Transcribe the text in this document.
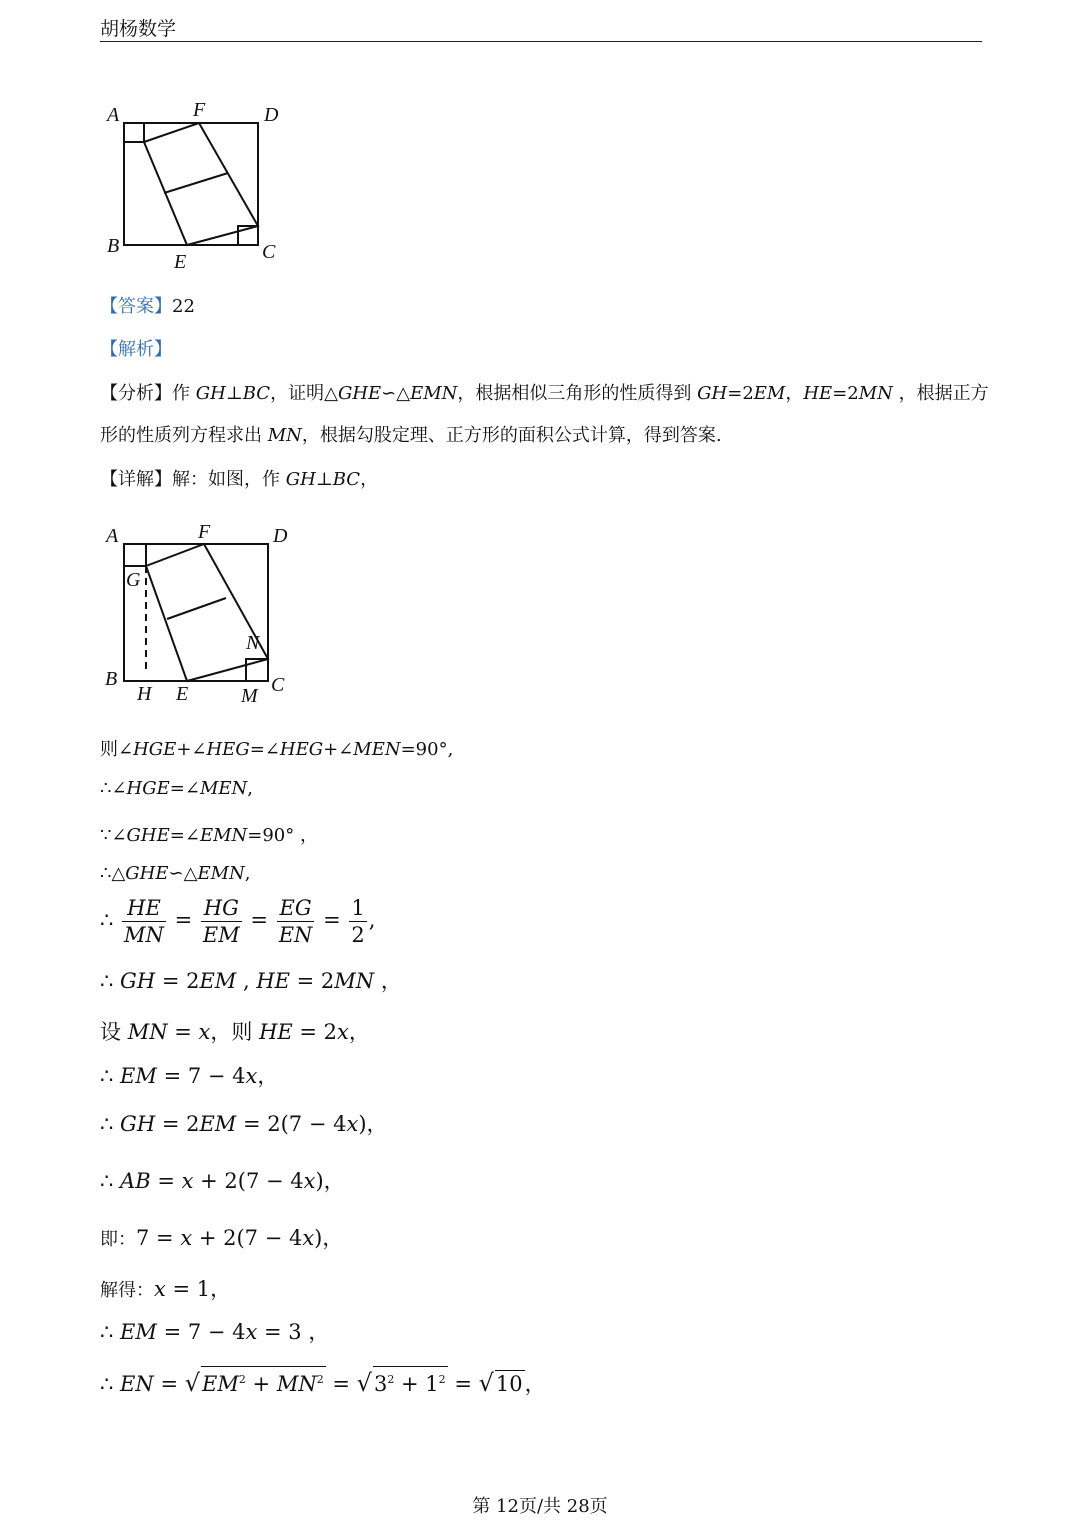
胡杨数学
A	F	D
B
E	C
【答案】22
【解析】
【分析】作 GH⊥BC，证明△GHE∽△EMN，根据相似三角形的性质得到 GH=2EM，HE=2MN ，根据正方
形的性质列方程求出 MN，根据勾股定理、正方形的面积公式计算，得到答案.
【详解】解：如图，作 GH⊥BC，
A	F	D
G
N
B
H E	M C
则∠HGE+∠HEG=∠HEG+∠MEN=90°,
∴∠HGE=∠MEN,
∵∠GHE=∠EMN=90° ，
∴△GHE∽△EMN,
∴ $\frac{HE}{MN} = \frac{HG}{EM} = \frac{EG}{EN} = \frac{1}{2}$ ,
∴ GH = 2EM , HE = 2MN ，
设 MN = x，则 HE = 2x，
∴ EM = 7 − 4x，
∴ GH = 2EM = 2(7 − 4x)，
∴ AB = x + 2(7 − 4x)，
即：7 = x + 2(7 − 4x)，
解得：x = 1，
∴ EM = 7 − 4x = 3 ，
∴ EN = $√EM^2 + MN^2 = √3^2 + 1^2 = √10$，
第 12页/共 28页
